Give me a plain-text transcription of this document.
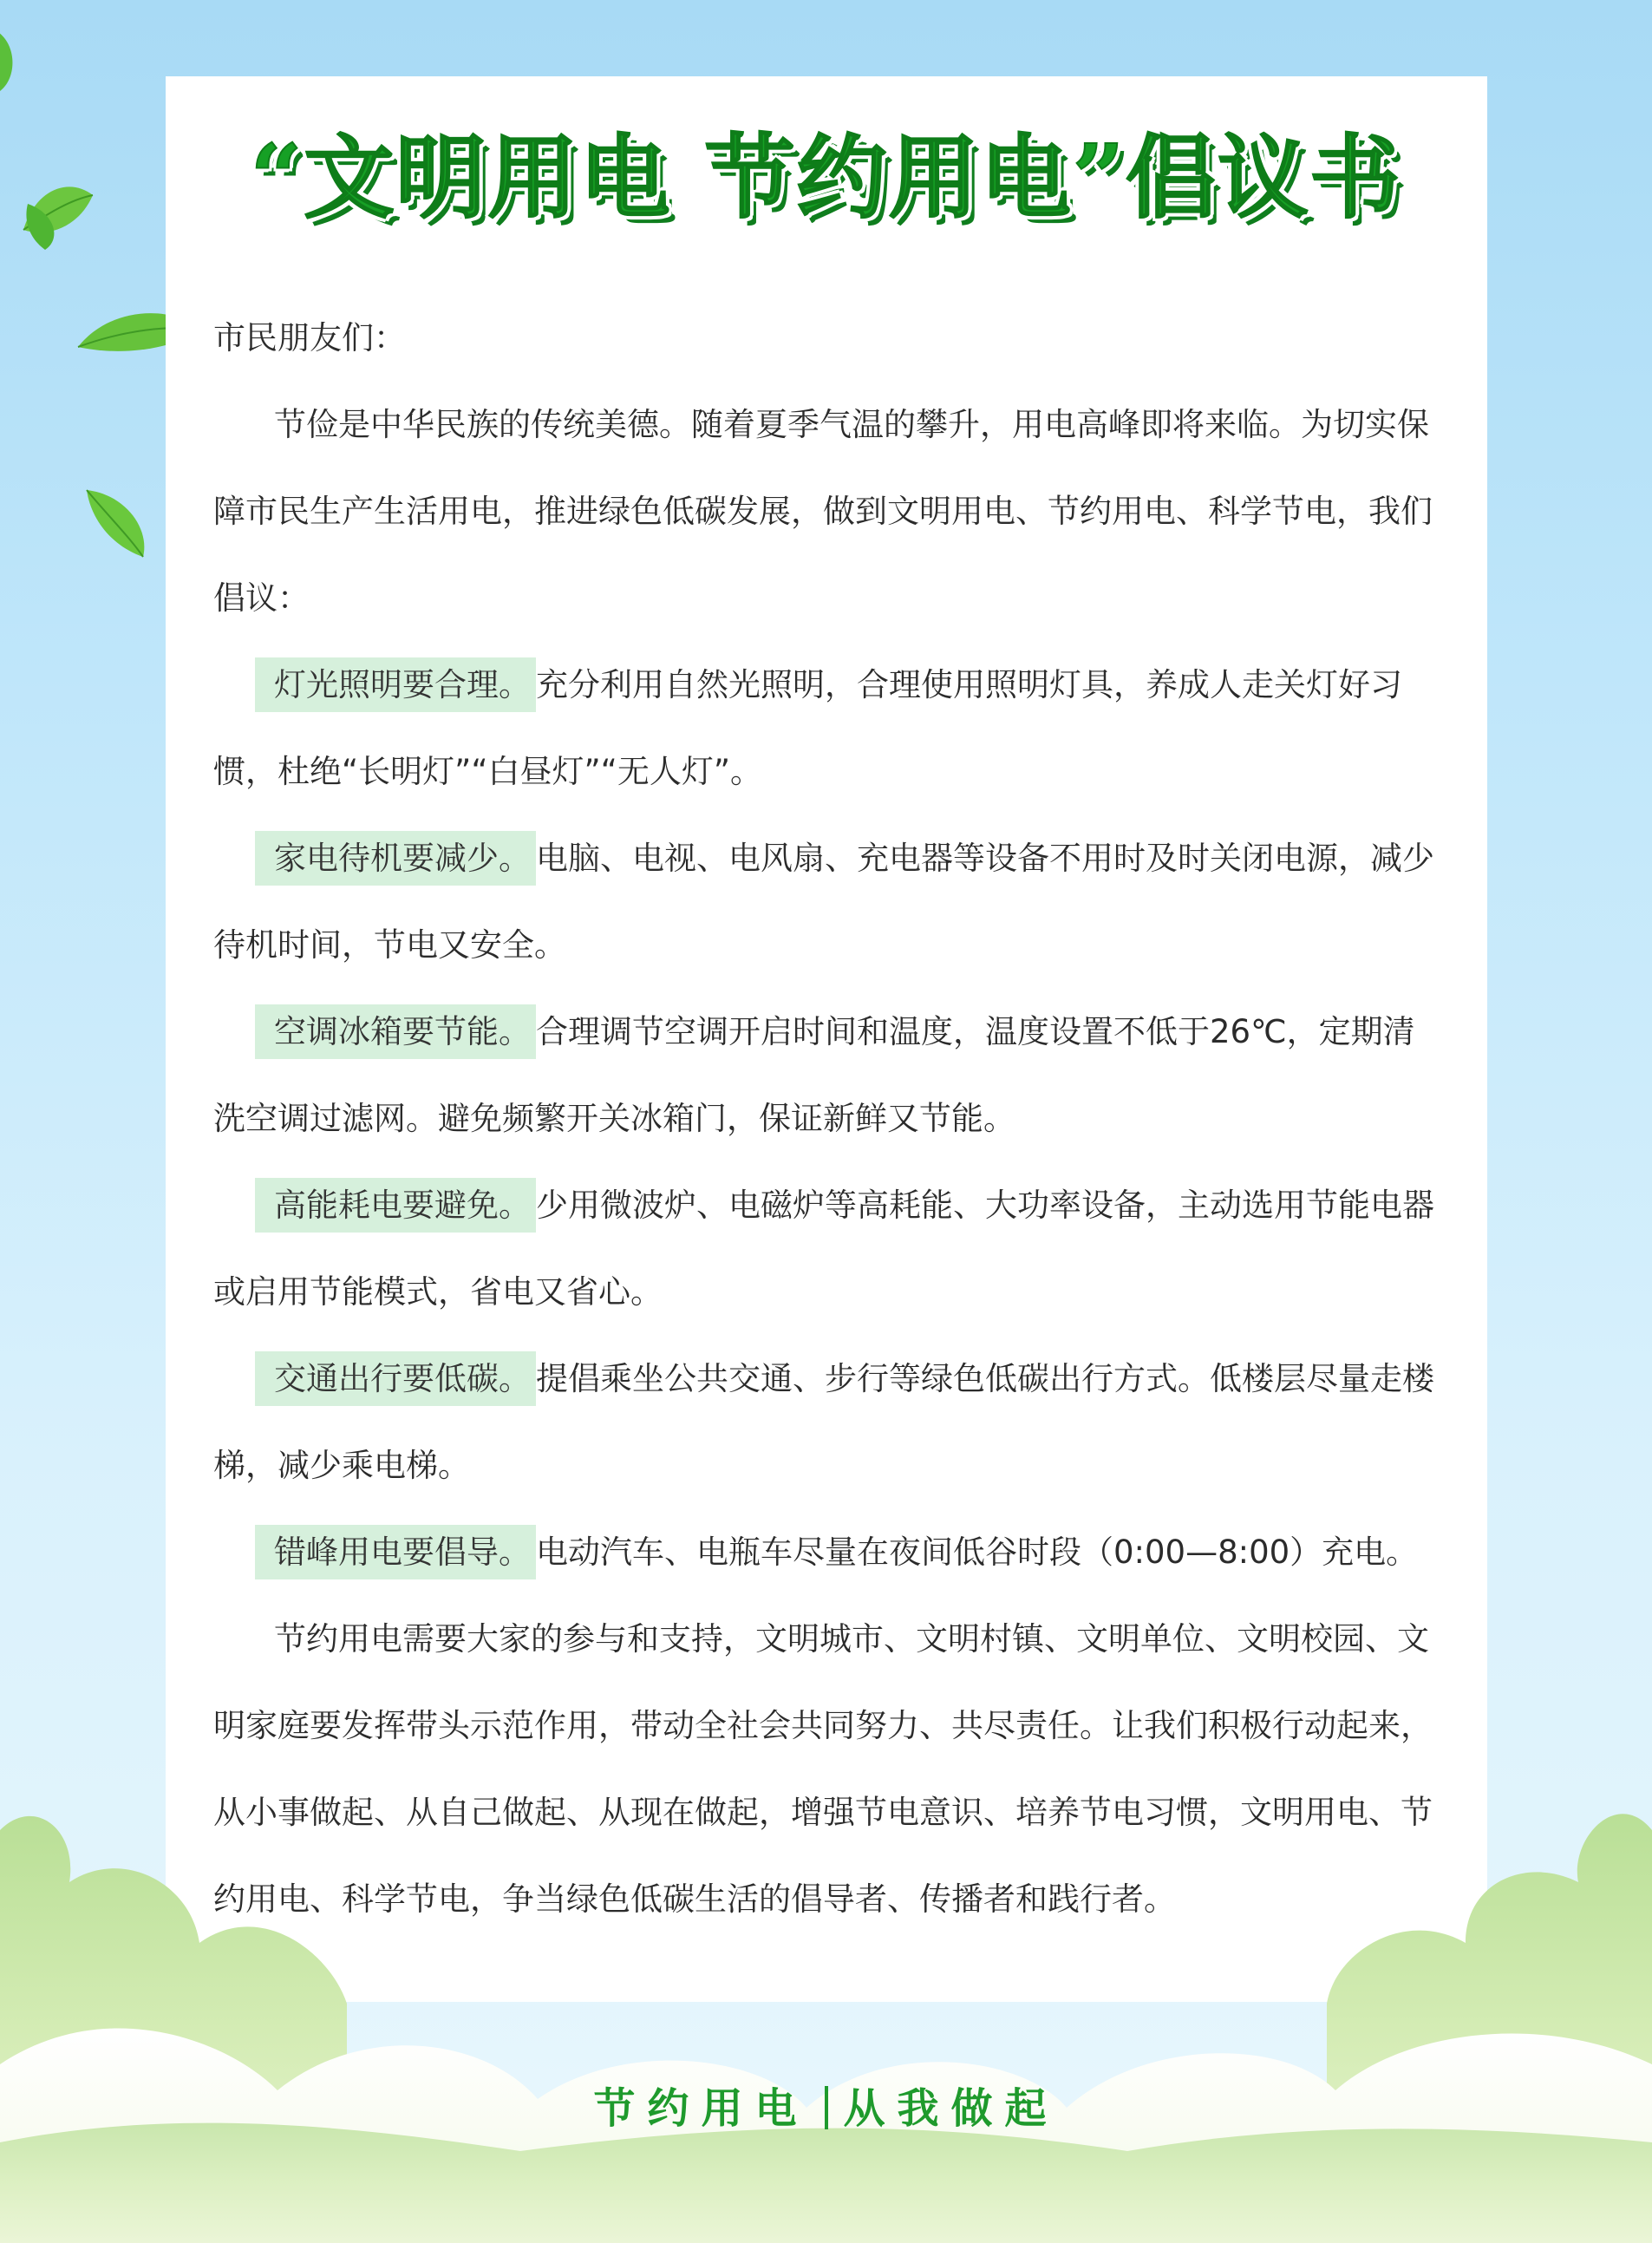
“文明用电 节约用电”倡议书

市民朋友们：

节俭是中华民族的传统美德。随着夏季气温的攀升，用电高峰即将来临。为切实保障市民生产生活用电，推进绿色低碳发展，做到文明用电、节约用电、科学节电，我们倡议：

灯光照明要合理。 充分利用自然光照明，合理使用照明灯具，养成人走关灯好习惯，杜绝“长明灯”“白昼灯”“无人灯”。

家电待机要减少。 电脑、电视、电风扇、充电器等设备不用时及时关闭电源，减少待机时间，节电又安全。

空调冰箱要节能。 合理调节空调开启时间和温度，温度设置不低于26℃，定期清洗空调过滤网。避免频繁开关冰箱门，保证新鲜又节能。

高能耗电要避免。 少用微波炉、电磁炉等高耗能、大功率设备，主动选用节能电器或启用节能模式，省电又省心。

交通出行要低碳。 提倡乘坐公共交通、步行等绿色低碳出行方式。低楼层尽量走楼梯，减少乘电梯。

错峰用电要倡导。 电动汽车、电瓶车尽量在夜间低谷时段（0:00—8:00）充电。

节约用电需要大家的参与和支持，文明城市、文明村镇、文明单位、文明校园、文明家庭要发挥带头示范作用，带动全社会共同努力、共尽责任。让我们积极行动起来，从小事做起、从自己做起、从现在做起，增强节电意识、培养节电习惯，文明用电、节约用电、科学节电，争当绿色低碳生活的倡导者、传播者和践行者。

节约用电 从我做起
